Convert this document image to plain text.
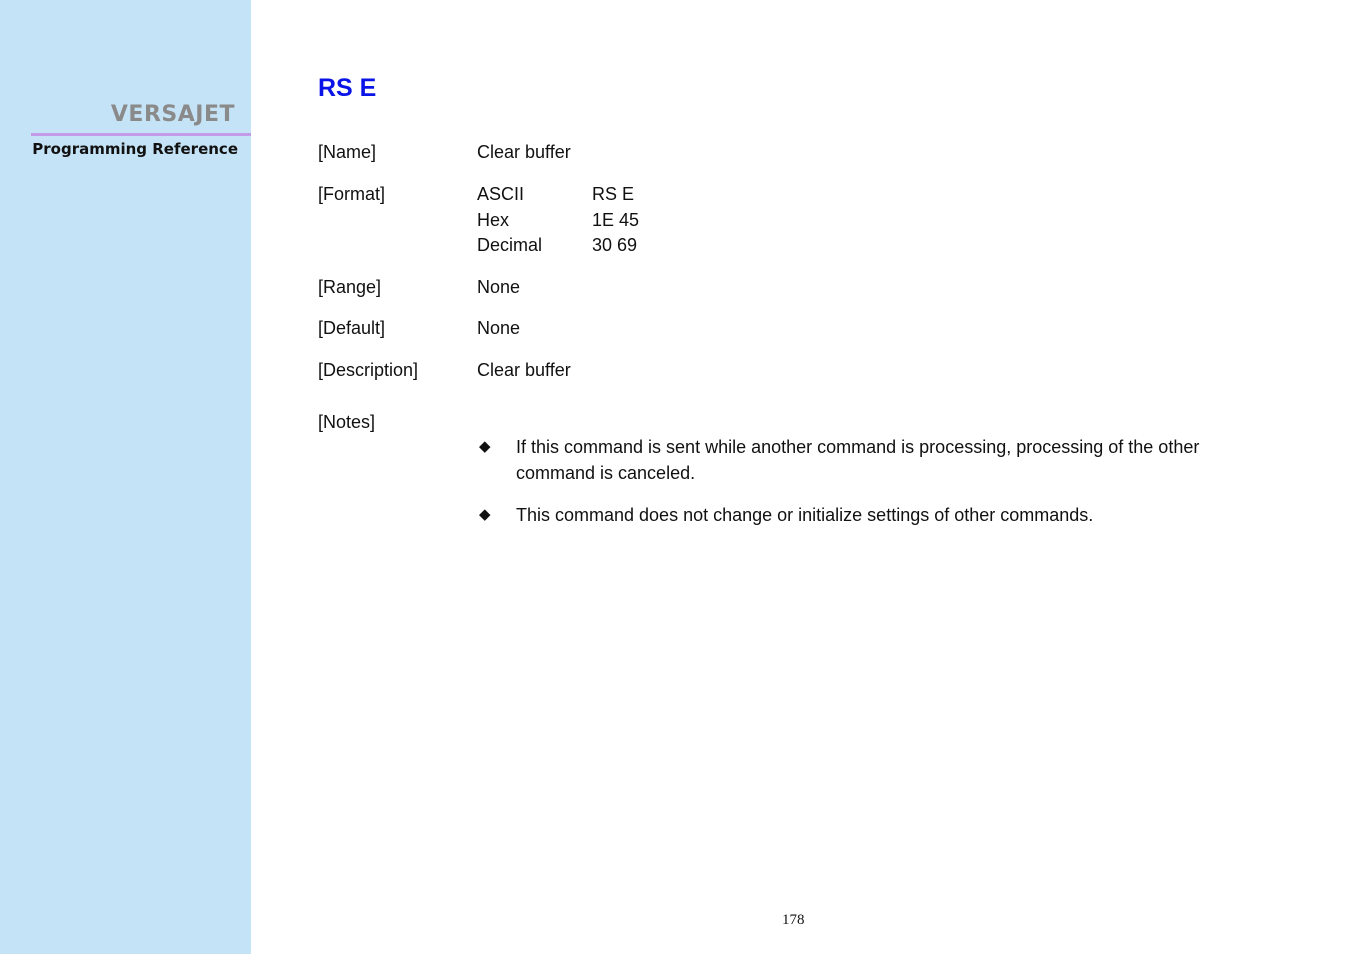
VERSAJET
Programming Reference
RS E
[Name]	Clear buffer
[Format]	ASCII	RS E
Hex	1E 45
Decimal	30 69
[Range]	None
[Default]	None
[Description]	Clear buffer
[Notes]
◆ If this command is sent while another command is processing, processing of the other command is canceled.
◆ This command does not change or initialize settings of other commands.
178
